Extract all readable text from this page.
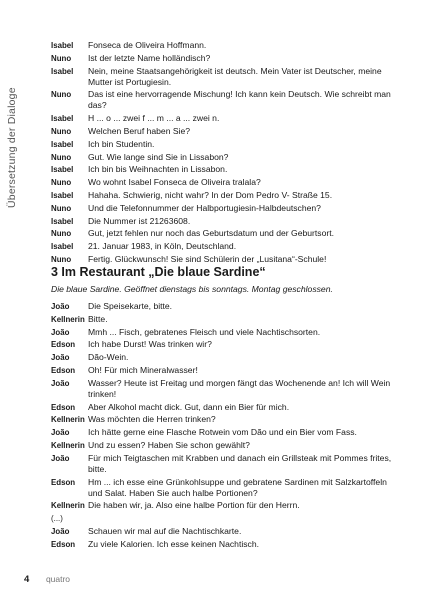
Übersetzung der Dialoge
Isabel	Fonseca de Oliveira Hoffmann.
Nuno	Ist der letzte Name holländisch?
Isabel	Nein, meine Staatsangehörigkeit ist deutsch. Mein Vater ist Deutscher, meine Mutter ist Portugiesin.
Nuno	Das ist eine hervorragende Mischung! Ich kann kein Deutsch. Wie schreibt man das?
Isabel	H ... o ... zwei f ... m ... a ... zwei n.
Nuno	Welchen Beruf haben Sie?
Isabel	Ich bin Studentin.
Nuno	Gut. Wie lange sind Sie in Lissabon?
Isabel	Ich bin bis Weihnachten in Lissabon.
Nuno	Wo wohnt Isabel Fonseca de Oliveira tralala?
Isabel	Hahaha. Schwierig, nicht wahr? In der Dom Pedro V- Straße 15.
Nuno	Und die Telefonnummer der Halbportugiesin-Halbdeutschen?
Isabel	Die Nummer ist 21263608.
Nuno	Gut, jetzt fehlen nur noch das Geburtsdatum und der Geburtsort.
Isabel	21. Januar 1983, in Köln, Deutschland.
Nuno	Fertig. Glückwunsch! Sie sind Schülerin der „Lusitana“-Schule!
3 Im Restaurant „Die blaue Sardine“
Die blaue Sardine. Geöffnet dienstags bis sonntags. Montag geschlossen.
João	Die Speisekarte, bitte.
Kellnerin Bitte.
João	Mmh ... Fisch, gebratenes Fleisch und viele Nachtischsorten.
Edson	Ich habe Durst! Was trinken wir?
João	Dão-Wein.
Edson	Oh! Für mich Mineralwasser!
João	Wasser? Heute ist Freitag und morgen fängt das Wochenende an! Ich will Wein trinken!
Edson	Aber Alkohol macht dick. Gut, dann ein Bier für mich.
Kellnerin Was möchten die Herren trinken?
João	Ich hätte gerne eine Flasche Rotwein vom Dão und ein Bier vom Fass.
Kellnerin Und zu essen? Haben Sie schon gewählt?
João	Für mich Teigtaschen mit Krabben und danach ein Grillsteak mit Pommes frites, bitte.
Edson	Hm ... ich esse eine Grünkohlsuppe und gebratene Sardinen mit Salzkartoffeln und Salat. Haben Sie auch halbe Portionen?
Kellnerin Die haben wir, ja. Also eine halbe Portion für den Herrn.
(...)
João	Schauen wir mal auf die Nachtischkarte.
Edson	Zu viele Kalorien. Ich esse keinen Nachtisch.
4 quatro
